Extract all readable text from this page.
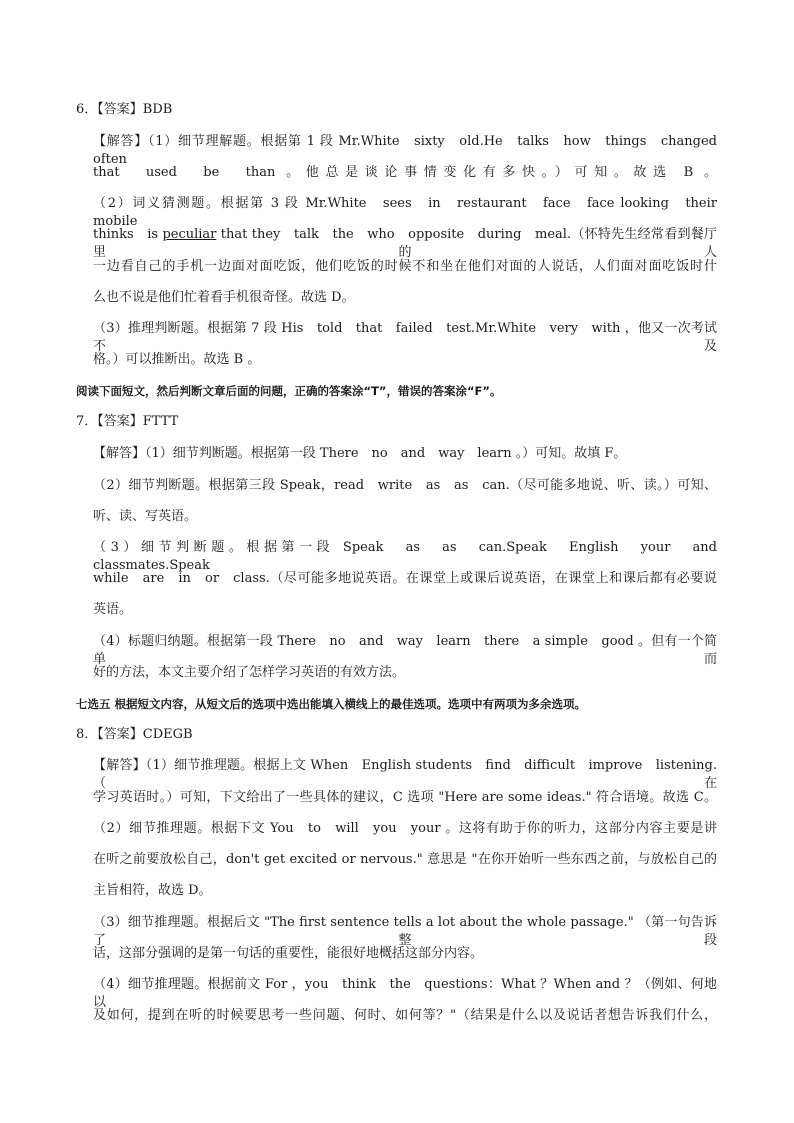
6．【答案】BDB
【解答】（1）细节理解题。根据第 1 段 Mr.White　sixty　old.He　talks　how　things　changed often
that　used　be　than 。他总是谈论事情变化有多快。）可知。故选 B 。
（2）词义猜测题。根据第 3 段 Mr.White　sees　in　restaurant　face　face looking　their　mobile
thinks　is peculiar that they　talk　the　who　opposite　during　meal.（怀特先生经常看到餐厅里的人
一边看自己的手机一边面对面吃饭，他们吃饭的时候不和坐在他们对面的人说话，人们面对面吃饭时什
么也不说是他们忙着看手机很奇怪。故选 D。
（3）推理判断题。根据第 7 段 His　told　that　failed　test.Mr.White　very　with ，他又一次考试不及
格。）可以推断出。故选 B 。
阅读下面短文，然后判断文章后面的问题，正确的答案涂“T”，错误的答案涂“F”。
7．【答案】FTTT
【解答】（1）细节判断题。根据第一段 There　no　and　way　learn 。）可知。故填 F。
（2）细节判断题。根据第三段 Speak，read　write　as　as　can.（尽可能多地说、听、读。）可知、
听、读、写英语。
（3）细节判断题。根据第一段 Speak　as　as　can.Speak　English　your　and　classmates.Speak
while　are　in　or　class.（尽可能多地说英语。在课堂上或课后说英语，在课堂上和课后都有必要说
英语。
（4）标题归纳题。根据第一段 There　no　and　way　learn　there　a simple　good 。但有一个简单而
好的方法，本文主要介绍了怎样学习英语的有效方法。
七选五 根据短文内容，从短文后的选项中选出能填入横线上的最佳选项。选项中有两项为多余选项。
8．【答案】CDEGB
【解答】（1）细节推理题。根据上文 When　English students　find　difficult　improve　listening.（在
学习英语时。）可知，下文给出了一些具体的建议，C 选项 "Here are some ideas." 符合语境。故选 C。
（2）细节推理题。根据下文 You　to　will　you　your 。这将有助于你的听力，这部分内容主要是讲
在听之前要放松自己，don't get excited or nervous." 意思是 "在你开始听一些东西之前，与放松自己的
主旨相符，故选 D。
（3）细节推理题。根据后文 "The first sentence tells a lot about the whole passage." （第一句告诉了整段
话，这部分强调的是第一句话的重要性，能很好地概括这部分内容。
（4）细节推理题。根据前文 For ，you　think　the　questions：What ？When and ？（例如、何地以
及如何，提到在听的时候要思考一些问题、何时、如何等？"（结果是什么以及说话者想告诉我们什么，
